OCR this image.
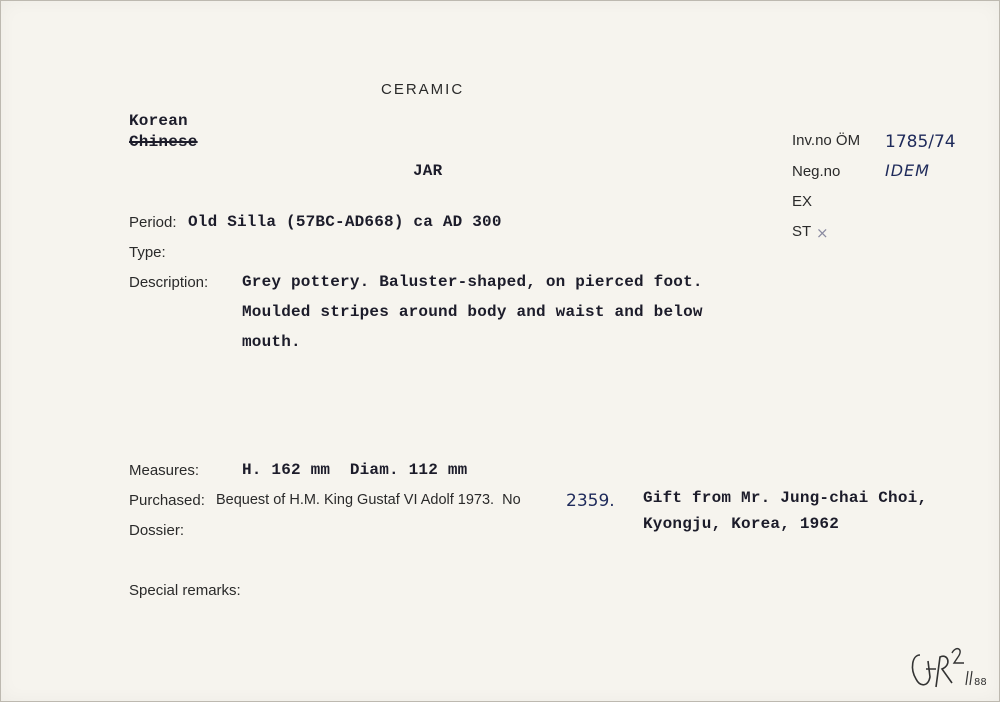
CERAMIC
Korean
Chinese
JAR
Inv.no ÖM 1785/74
Neg.no	IDEM
EX
ST ×
Period: Old Silla (57BC-AD668) ca AD 300
Type:
Description: Grey pottery. Baluster-shaped, on pierced foot.
Moulded stripes around body and waist and below
mouth.
Measures:	H. 162 mm  Diam. 112 mm
Purchased: Bequest of H.M. King Gustaf VI Adolf 1973.  No	2359. Gift from Mr. Jung-chai Choi,
Kyongju, Korea, 1962
Dossier:
Special remarks:
88
